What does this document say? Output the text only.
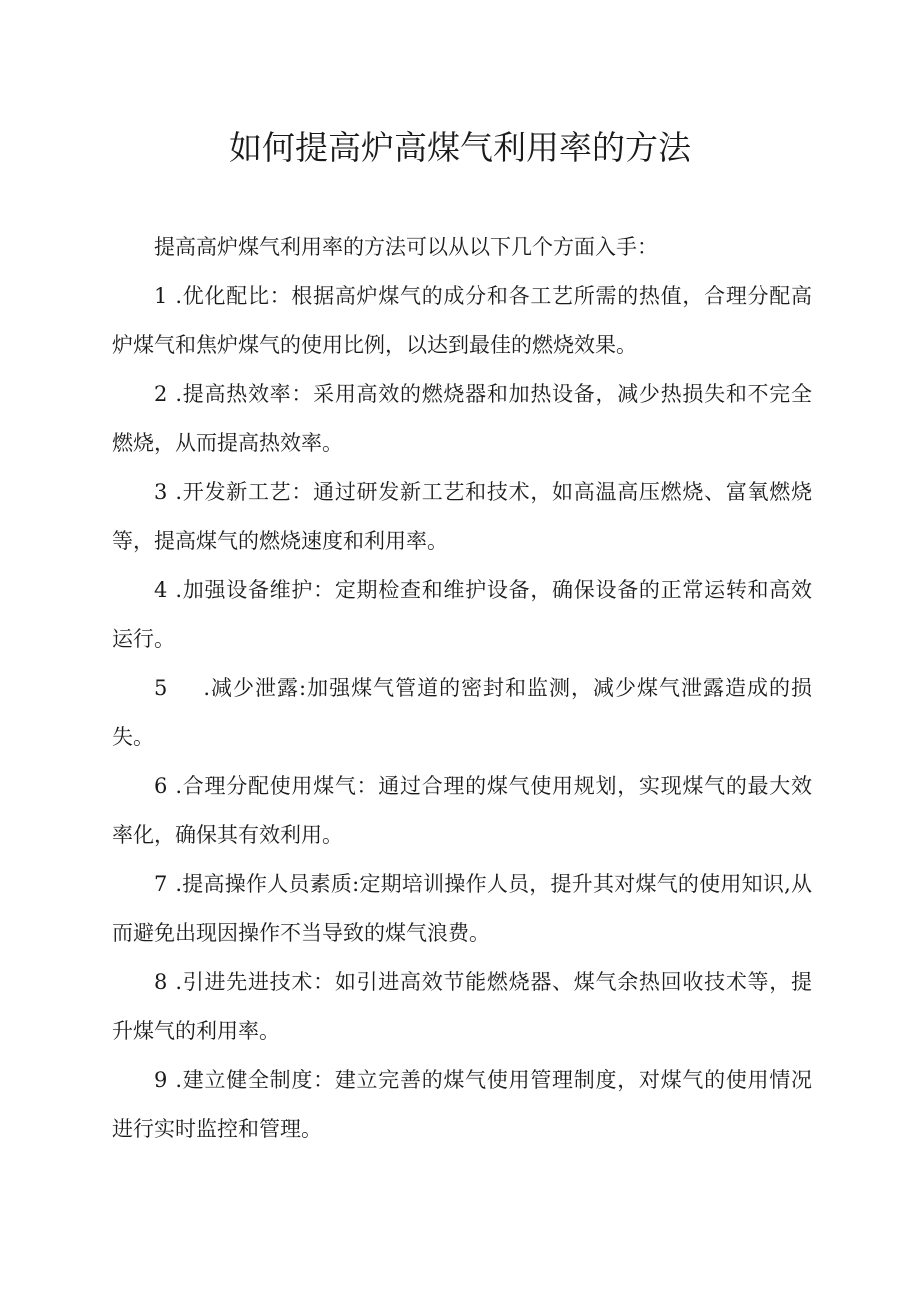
如何提高炉高煤气利用率的方法

提高高炉煤气利用率的方法可以从以下几个方面入手：

1 .优化配比：根据高炉煤气的成分和各工艺所需的热值，合理分配高炉煤气和焦炉煤气的使用比例，以达到最佳的燃烧效果。

2 .提高热效率：采用高效的燃烧器和加热设备，减少热损失和不完全燃烧，从而提高热效率。

3 .开发新工艺：通过研发新工艺和技术，如高温高压燃烧、富氧燃烧等，提高煤气的燃烧速度和利用率。

4 .加强设备维护：定期检查和维护设备，确保设备的正常运转和高效运行。

5 .减少泄露:加强煤气管道的密封和监测，减少煤气泄露造成的损失。

6 .合理分配使用煤气：通过合理的煤气使用规划，实现煤气的最大效率化，确保其有效利用。

7 .提高操作人员素质:定期培训操作人员，提升其对煤气的使用知识,从而避免出现因操作不当导致的煤气浪费。

8 .引进先进技术：如引进高效节能燃烧器、煤气余热回收技术等，提升煤气的利用率。

9 .建立健全制度：建立完善的煤气使用管理制度，对煤气的使用情况进行实时监控和管理。
